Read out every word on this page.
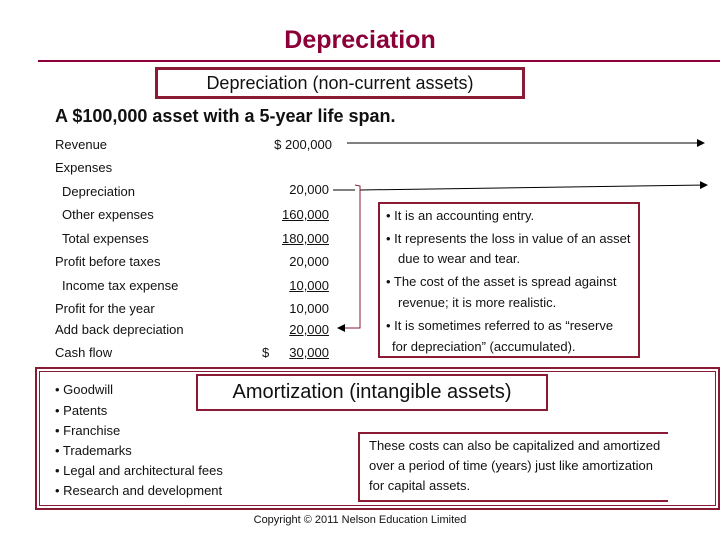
Depreciation
Depreciation (non-current assets)
A $100,000 asset with a 5-year life span.
Revenue	$ 200,000
Expenses
Depreciation	20,000
Other expenses	160,000
Total expenses	180,000
Profit before taxes	20,000
Income tax expense	10,000
Profit for the year	10,000
Add back depreciation	20,000
Cash flow	$	30,000
• It is an accounting entry.
• It represents the loss in value of an asset
due to wear and tear.
• The cost of the asset is spread against
revenue; it is more realistic.
• It is sometimes referred to as “reserve
for depreciation” (accumulated).
Amortization (intangible assets)
• Goodwill
• Patents
• Franchise
• Trademarks
• Legal and architectural fees
• Research and development
These costs can also be capitalized and amortized over a period of time (years) just like amortization for capital assets.
Copyright © 2011 Nelson Education Limited
